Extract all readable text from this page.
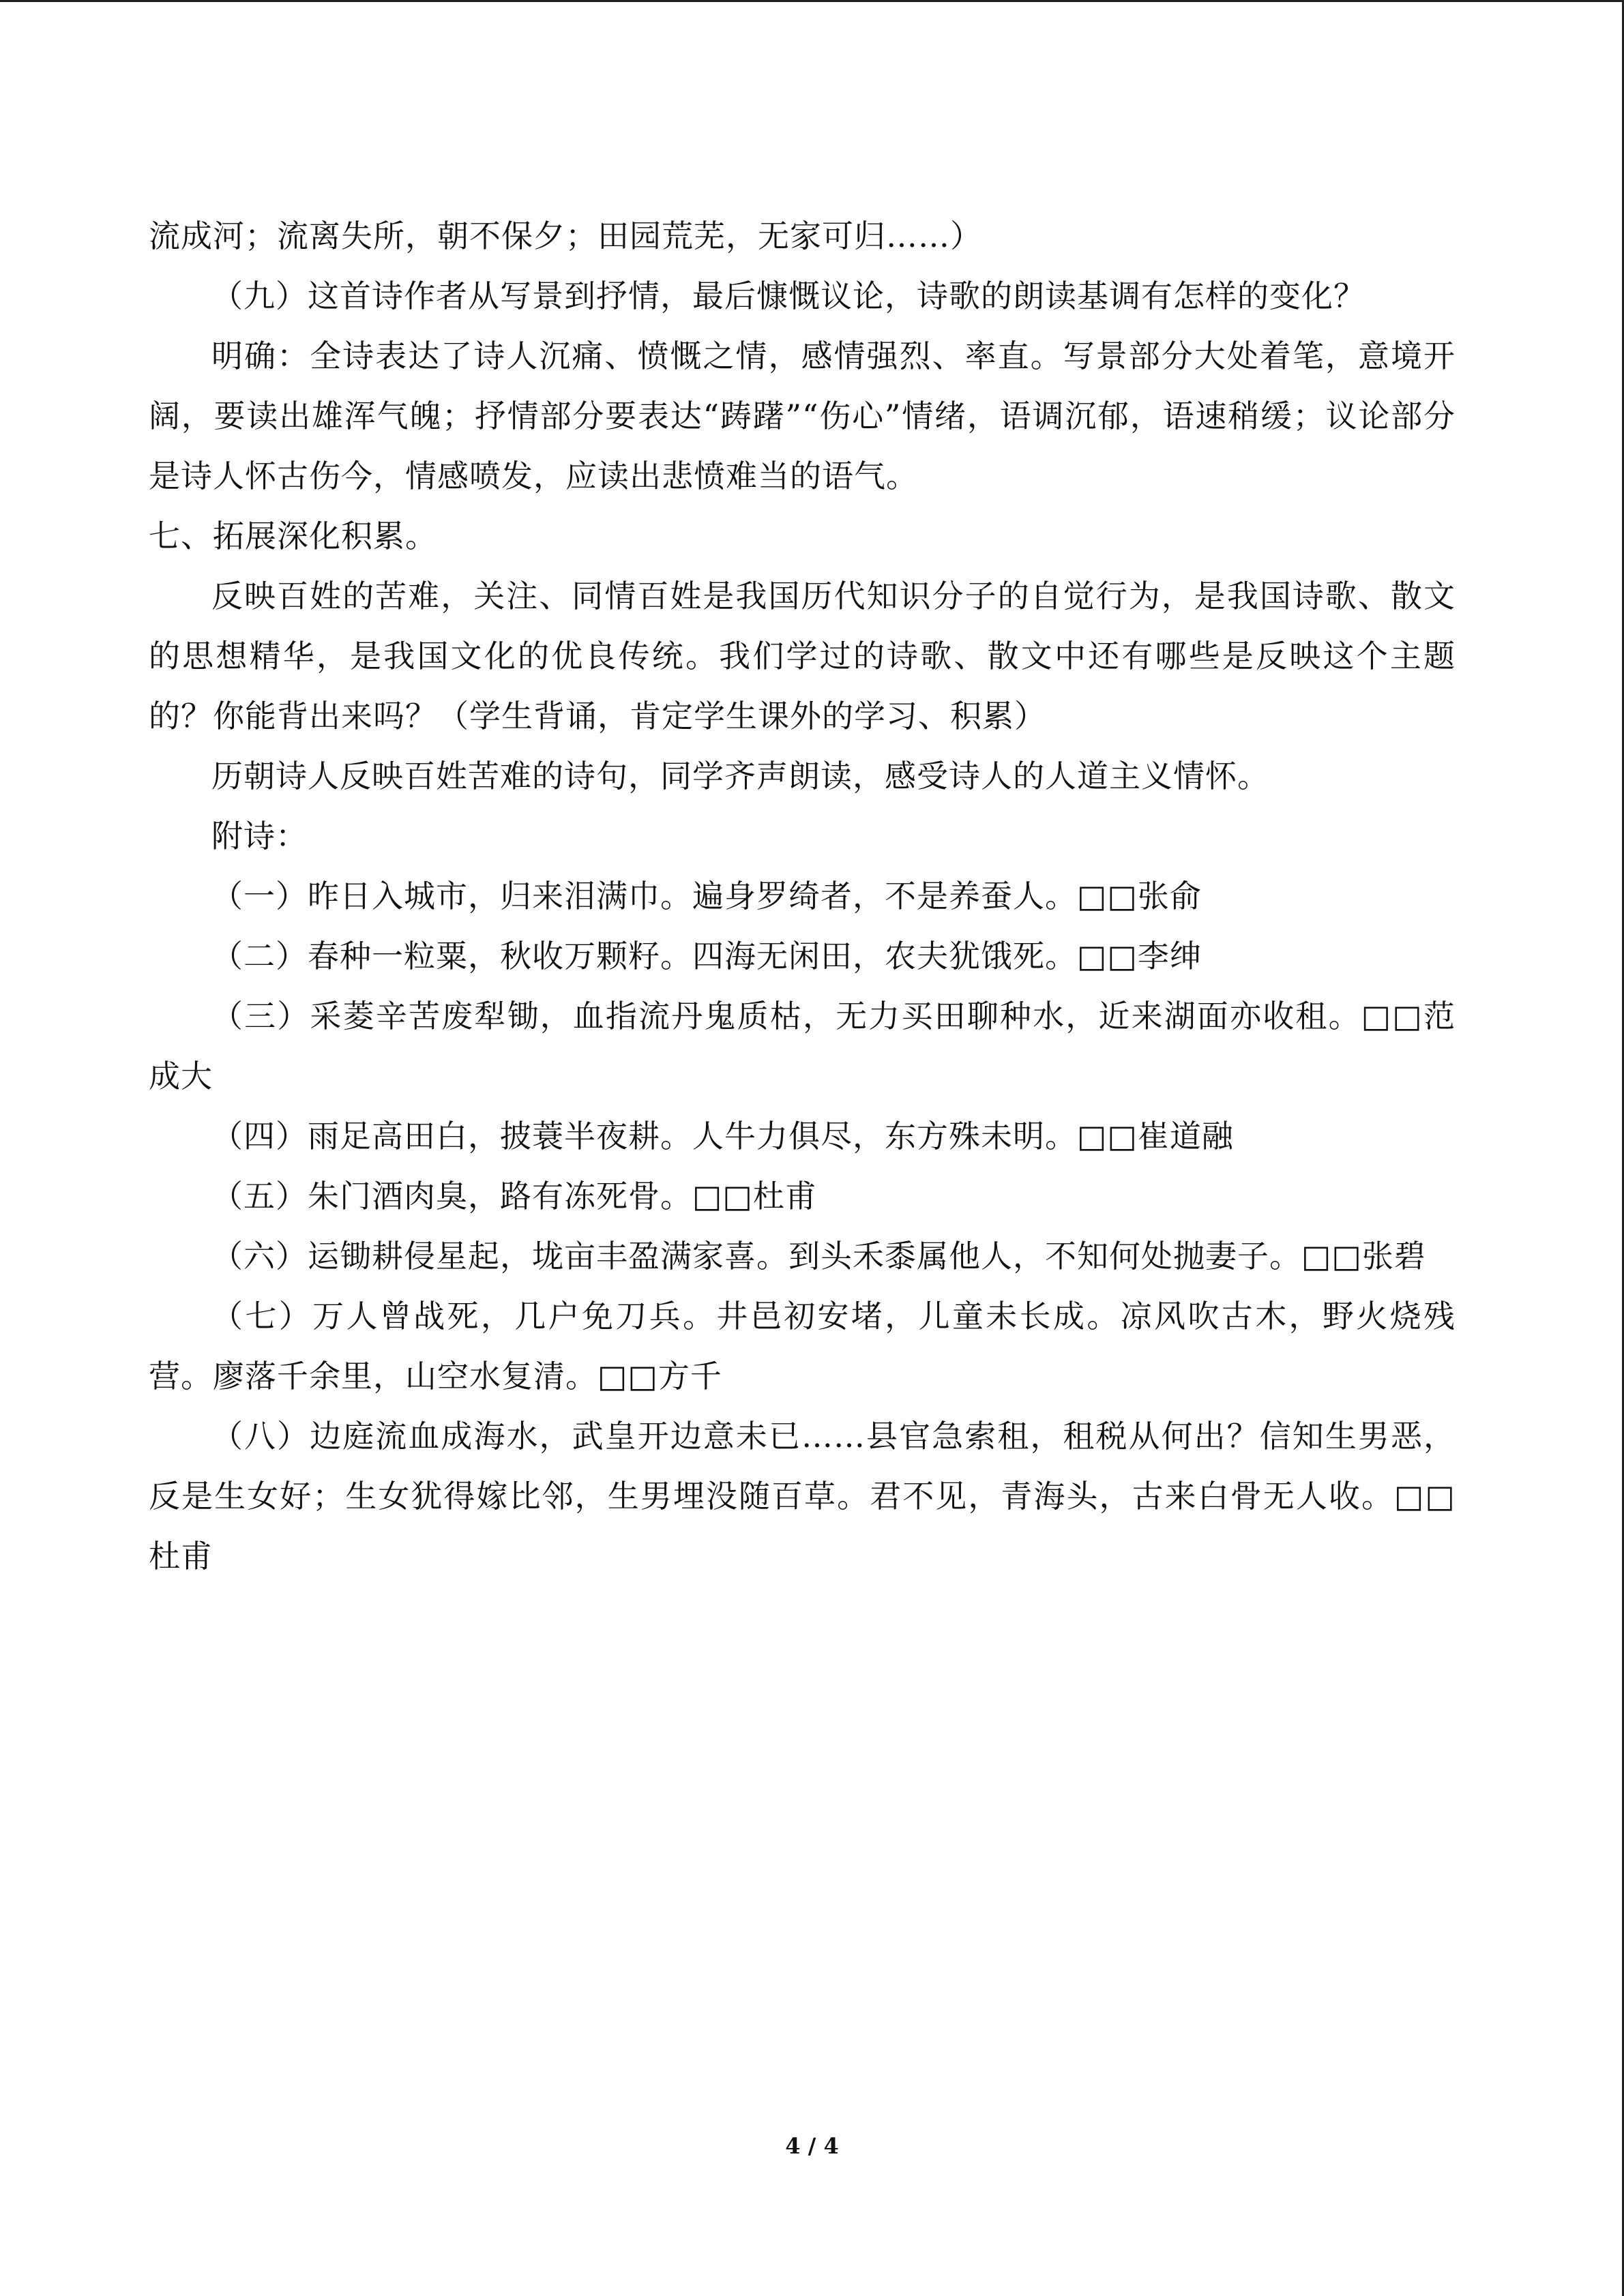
流成河；流离失所，朝不保夕；田园荒芜，无家可归……）

（九）这首诗作者从写景到抒情，最后慷慨议论，诗歌的朗读基调有怎样的变化？

明确：全诗表达了诗人沉痛、愤慨之情，感情强烈、率直。写景部分大处着笔，意境开阔，要读出雄浑气魄；抒情部分要表达“踌躇”“伤心”情绪，语调沉郁，语速稍缓；议论部分是诗人怀古伤今，情感喷发，应读出悲愤难当的语气。

七、拓展深化积累。

反映百姓的苦难，关注、同情百姓是我国历代知识分子的自觉行为，是我国诗歌、散文的思想精华，是我国文化的优良传统。我们学过的诗歌、散文中还有哪些是反映这个主题的？你能背出来吗？（学生背诵，肯定学生课外的学习、积累）

历朝诗人反映百姓苦难的诗句，同学齐声朗读，感受诗人的人道主义情怀。

附诗：

（一）昨日入城市，归来泪满巾。遍身罗绮者，不是养蚕人。□□张俞

（二）春种一粒粟，秋收万颗籽。四海无闲田，农夫犹饿死。□□李绅

（三）采菱辛苦废犁锄，血指流丹鬼质枯，无力买田聊种水，近来湖面亦收租。□□范成大

（四）雨足高田白，披蓑半夜耕。人牛力俱尽，东方殊未明。□□崔道融

（五）朱门酒肉臭，路有冻死骨。□□杜甫

（六）运锄耕侵星起，垅亩丰盈满家喜。到头禾黍属他人，不知何处抛妻子。□□张碧

（七）万人曾战死，几户免刀兵。井邑初安堵，儿童未长成。凉风吹古木，野火烧残营。廖落千余里，山空水复清。□□方千

（八）边庭流血成海水，武皇开边意未已……县官急索租，租税从何出？信知生男恶，反是生女好；生女犹得嫁比邻，生男埋没随百草。君不见，青海头，古来白骨无人收。□□杜甫

4 / 4
